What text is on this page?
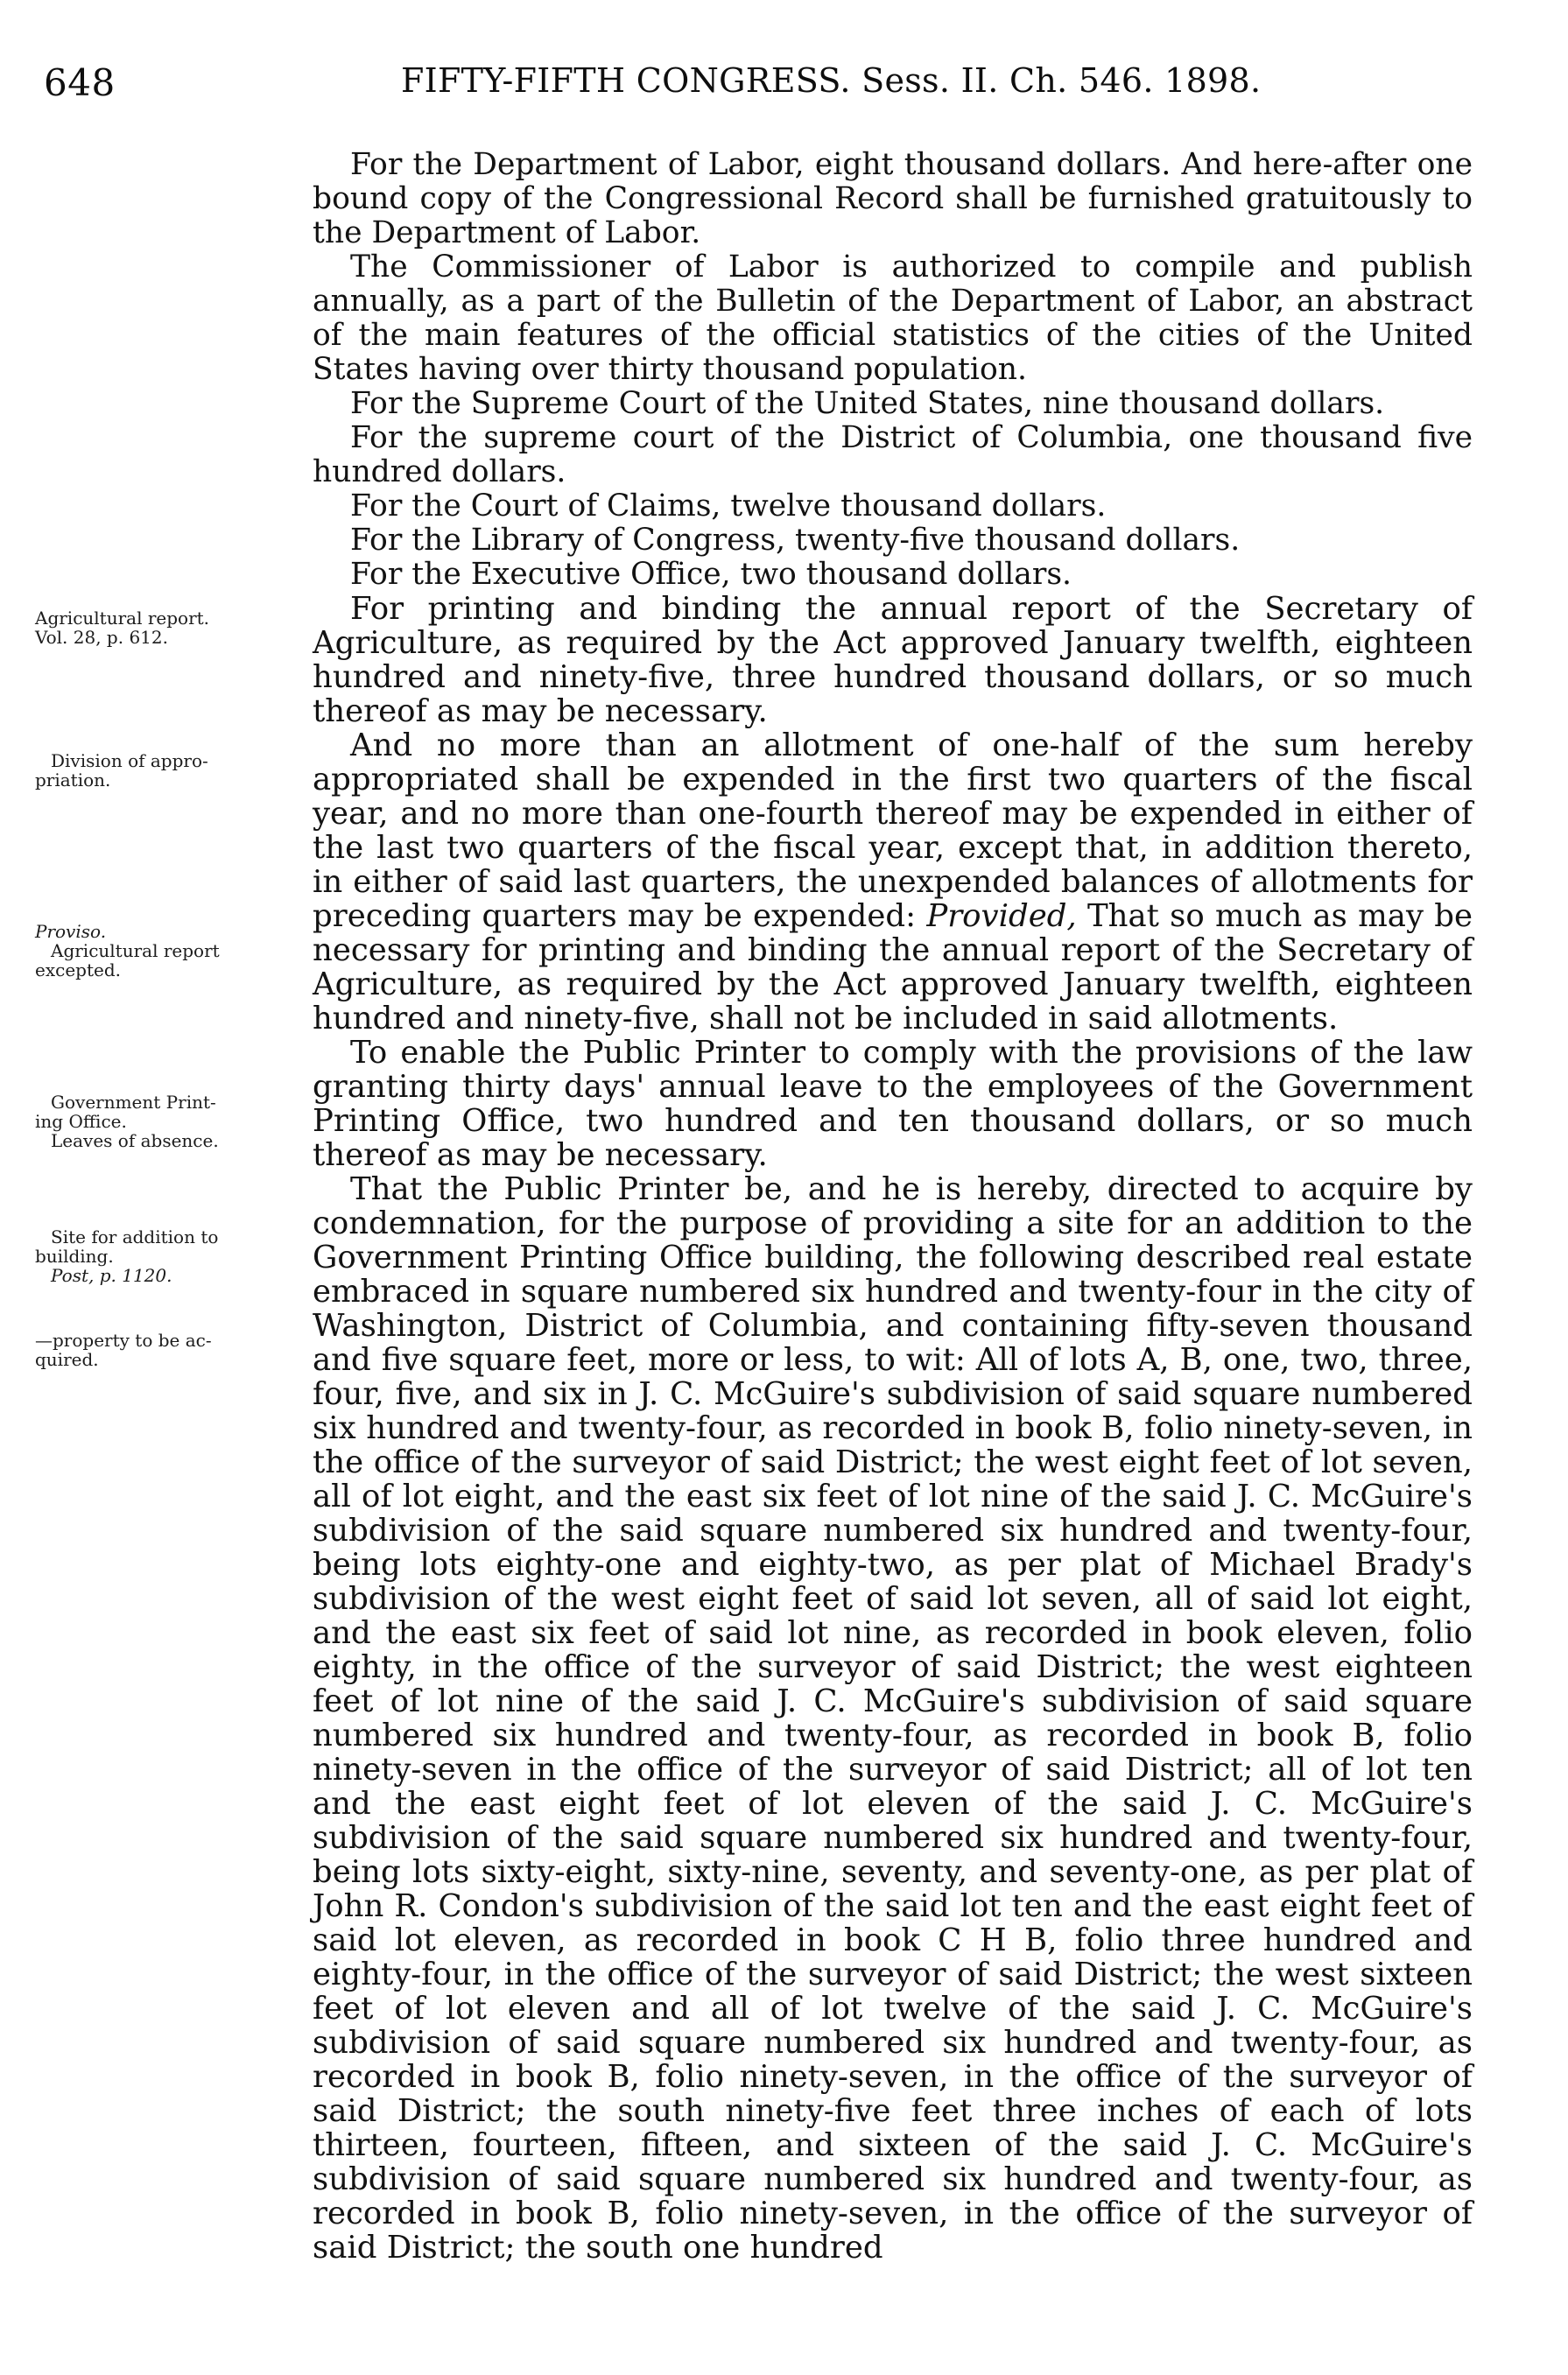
648	FIFTY-FIFTH CONGRESS. Sess. II. Ch. 546. 1898.
Agricultural report.
Vol. 28, p. 612.
Division of appro-
priation.
Proviso.
Agricultural report
excepted.
Government Print-
ing Office.
Leaves of absence.
Site for addition to
building.
Post, p. 1120.
—property to be ac-
quired.

For the Department of Labor, eight thousand dollars. And here-after one bound copy of the Congressional Record shall be furnished gratuitously to the Department of Labor.

The Commissioner of Labor is authorized to compile and publish annually, as a part of the Bulletin of the Department of Labor, an abstract of the main features of the official statistics of the cities of the United States having over thirty thousand population.

For the Supreme Court of the United States, nine thousand dollars.

For the supreme court of the District of Columbia, one thousand five hundred dollars.

For the Court of Claims, twelve thousand dollars.

For the Library of Congress, twenty-five thousand dollars.

For the Executive Office, two thousand dollars.

For printing and binding the annual report of the Secretary of Agriculture, as required by the Act approved January twelfth, eighteen hundred and ninety-five, three hundred thousand dollars, or so much thereof as may be necessary.

And no more than an allotment of one-half of the sum hereby appropriated shall be expended in the first two quarters of the fiscal year, and no more than one-fourth thereof may be expended in either of the last two quarters of the fiscal year, except that, in addition thereto, in either of said last quarters, the unexpended balances of allotments for preceding quarters may be expended: Provided, That so much as may be necessary for printing and binding the annual report of the Secretary of Agriculture, as required by the Act approved January twelfth, eighteen hundred and ninety-five, shall not be included in said allotments.

To enable the Public Printer to comply with the provisions of the law granting thirty days' annual leave to the employees of the Government Printing Office, two hundred and ten thousand dollars, or so much thereof as may be necessary.

That the Public Printer be, and he is hereby, directed to acquire by condemnation, for the purpose of providing a site for an addition to the Government Printing Office building, the following described real estate embraced in square numbered six hundred and twenty-four in the city of Washington, District of Columbia, and containing fifty-seven thousand and five square feet, more or less, to wit: All of lots A, B, one, two, three, four, five, and six in J. C. McGuire's subdivision of said square numbered six hundred and twenty-four, as recorded in book B, folio ninety-seven, in the office of the surveyor of said District; the west eight feet of lot seven, all of lot eight, and the east six feet of lot nine of the said J. C. McGuire's subdivision of the said square numbered six hundred and twenty-four, being lots eighty-one and eighty-two, as per plat of Michael Brady's subdivision of the west eight feet of said lot seven, all of said lot eight, and the east six feet of said lot nine, as recorded in book eleven, folio eighty, in the office of the surveyor of said District; the west eighteen feet of lot nine of the said J. C. McGuire's subdivision of said square numbered six hundred and twenty-four, as recorded in book B, folio ninety-seven in the office of the surveyor of said District; all of lot ten and the east eight feet of lot eleven of the said J. C. McGuire's subdivision of the said square numbered six hundred and twenty-four, being lots sixty-eight, sixty-nine, seventy, and seventy-one, as per plat of John R. Condon's subdivision of the said lot ten and the east eight feet of said lot eleven, as recorded in book C H B, folio three hundred and eighty-four, in the office of the surveyor of said District; the west sixteen feet of lot eleven and all of lot twelve of the said J. C. McGuire's subdivision of said square numbered six hundred and twenty-four, as recorded in book B, folio ninety-seven, in the office of the surveyor of said District; the south ninety-five feet three inches of each of lots thirteen, fourteen, fifteen, and sixteen of the said J. C. McGuire's subdivision of said square numbered six hundred and twenty-four, as recorded in book B, folio ninety-seven, in the office of the surveyor of said District; the south one hundred
